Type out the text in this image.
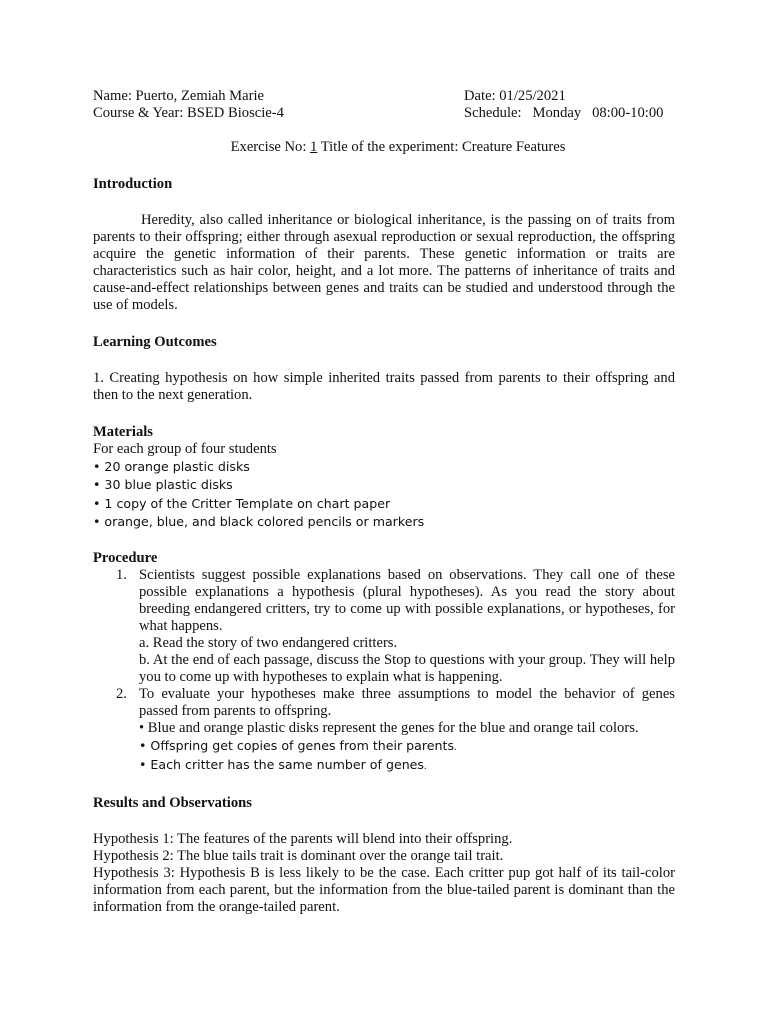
Name: Puerto, Zemiah Marie	Date: 01/25/2021
Course & Year: BSED Bioscie-4	Schedule:   Monday   08:00-10:00
Exercise No: 1 Title of the experiment: Creature Features
Introduction

Heredity, also called inheritance or biological inheritance, is the passing on of traits from parents to their offspring; either through asexual reproduction or sexual reproduction, the offspring acquire the genetic information of their parents. These genetic information or traits are characteristics such as hair color, height, and a lot more. The patterns of inheritance of traits and cause-and-effect relationships between genes and traits can be studied and understood through the use of models.

Learning Outcomes

1. Creating hypothesis on how simple inherited traits passed from parents to their offspring and then to the next generation.

Materials

For each group of four students

• 20 orange plastic disks
• 30 blue plastic disks
• 1 copy of the Critter Template on chart paper
• orange, blue, and black colored pencils or markers
Procedure
1. Scientists suggest possible explanations based on observations. They call one of these possible explanations a hypothesis (plural hypotheses). As you read the story about breeding endangered critters, try to come up with possible explanations, or hypotheses, for what happens.

a. Read the story of two endangered critters.

b. At the end of each passage, discuss the Stop to questions with your group. They will help you to come up with hypotheses to explain what is happening.

2. To evaluate your hypotheses make three assumptions to model the behavior of genes passed from parents to offspring.

• Blue and orange plastic disks represent the genes for the blue and orange tail colors.

• Offspring get copies of genes from their parents.

• Each critter has the same number of genes.

Results and Observations

Hypothesis 1: The features of the parents will blend into their offspring.

Hypothesis 2: The blue tails trait is dominant over the orange tail trait.

Hypothesis 3: Hypothesis B is less likely to be the case. Each critter pup got half of its tail-color information from each parent, but the information from the blue-tailed parent is dominant than the information from the orange-tailed parent.
